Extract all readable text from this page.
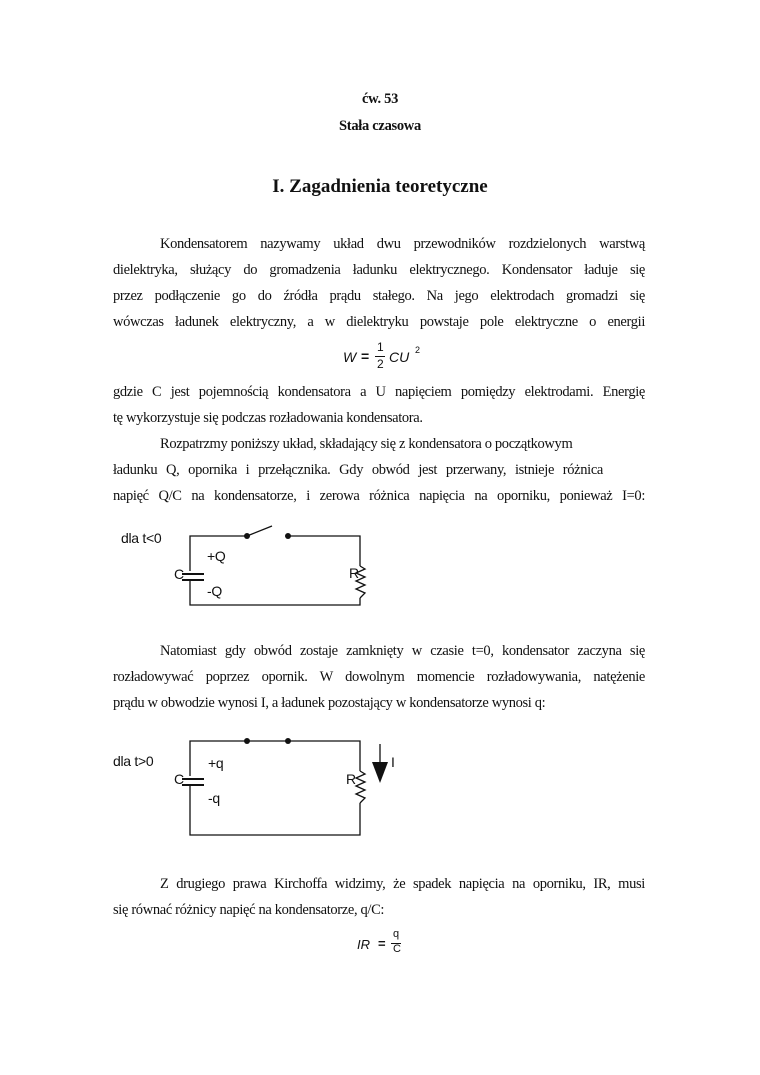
ćw. 53
Stała czasowa
I. Zagadnienia teoretyczne
Kondensatorem nazywamy układ dwu przewodników rozdzielonych warstwą
dielektryka, służący do gromadzenia ładunku elektrycznego. Kondensator ładuje się
przez podłączenie go do źródła prądu stałego. Na jego elektrodach gromadzi się
wówczas ładunek elektryczny, a w dielektryku powstaje pole elektryczne o energii
W =
1
2 CU 2
gdzie C jest pojemnością kondensatora a U napięciem pomiędzy elektrodami. Energię
tę wykorzystuje się podczas rozładowania kondensatora.
Rozpatrzmy poniższy układ, składający się z kondensatora o początkowym
ładunku Q, opornika i przełącznika. Gdy obwód jest przerwany, istnieje różnica
napięć Q/C na kondensatorze, i zerowa różnica napięcia na oporniku, ponieważ I=0:
dla t<0
+Q
C
-Q
R
Natomiast gdy obwód zostaje zamknięty w czasie t=0, kondensator zaczyna się
rozładowywać poprzez opornik. W dowolnym momencie rozładowywania, natężenie
prądu w obwodzie wynosi I, a ładunek pozostający w kondensatorze wynosi q:
dla t>0	+q
C
-q
R
I
Z drugiego prawa Kirchoffa widzimy, że spadek napięcia na oporniku, IR, musi
się równać różnicy napięć na kondensatorze, q/C:
IR =
q
C
